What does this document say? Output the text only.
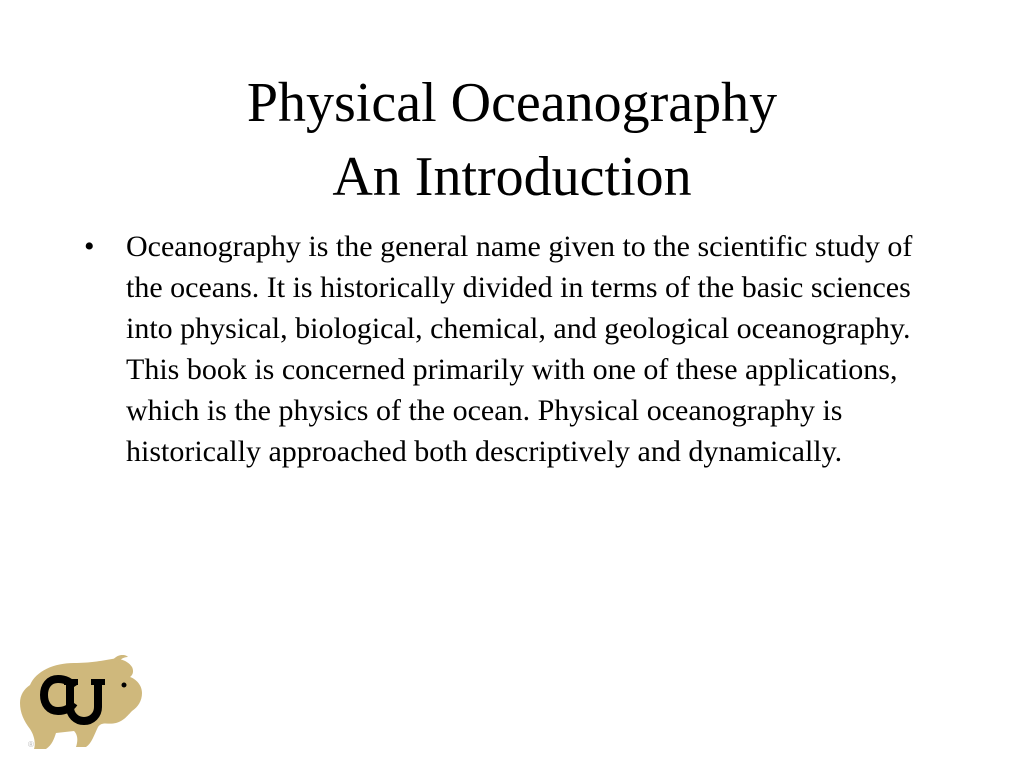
Physical Oceanography
An Introduction
•	Oceanography is the general name given to the scientific study of the oceans. It is historically divided in terms of the basic sciences into physical, biological, chemical, and geological oceanography. This book is concerned primarily with one of these applications, which is the physics of the ocean. Physical oceanography is historically approached both descriptively and dynamically.
®
